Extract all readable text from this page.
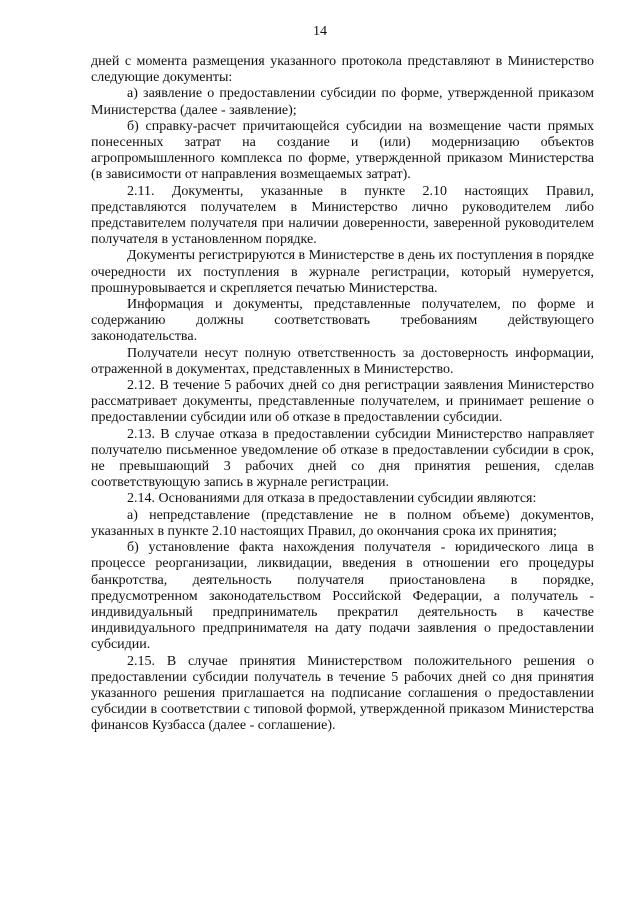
14

дней с момента размещения указанного протокола представляют в Министерство следующие документы:

а) заявление о предоставлении субсидии по форме, утвержденной приказом Министерства (далее - заявление);

б) справку-расчет причитающейся субсидии на возмещение части прямых понесенных затрат на создание и (или) модернизацию объектов агропромышленного комплекса по форме, утвержденной приказом Министерства (в зависимости от направления возмещаемых затрат).

2.11. Документы, указанные в пункте 2.10 настоящих Правил, представляются получателем в Министерство лично руководителем либо представителем получателя при наличии доверенности, заверенной руководителем получателя в установленном порядке.

Документы регистрируются в Министерстве в день их поступления в порядке очередности их поступления в журнале регистрации, который нумеруется, прошнуровывается и скрепляется печатью Министерства.

Информация и документы, представленные получателем, по форме и содержанию должны соответствовать требованиям действующего законодательства.

Получатели несут полную ответственность за достоверность информации, отраженной в документах, представленных в Министерство.

2.12. В течение 5 рабочих дней со дня регистрации заявления Министерство рассматривает документы, представленные получателем, и принимает решение о предоставлении субсидии или об отказе в предоставлении субсидии.

2.13. В случае отказа в предоставлении субсидии Министерство направляет получателю письменное уведомление об отказе в предоставлении субсидии в срок, не превышающий 3 рабочих дней со дня принятия решения, сделав соответствующую запись в журнале регистрации.

2.14. Основаниями для отказа в предоставлении субсидии являются:

а) непредставление (представление не в полном объеме) документов, указанных в пункте 2.10 настоящих Правил, до окончания срока их принятия;

б) установление факта нахождения получателя - юридического лица в процессе реорганизации, ликвидации, введения в отношении его процедуры банкротства, деятельность получателя приостановлена в порядке, предусмотренном законодательством Российской Федерации, а получатель - индивидуальный предприниматель прекратил деятельность в качестве индивидуального предпринимателя на дату подачи заявления о предоставлении субсидии.

2.15. В случае принятия Министерством положительного решения о предоставлении субсидии получатель в течение 5 рабочих дней со дня принятия указанного решения приглашается на подписание соглашения о предоставлении субсидии в соответствии с типовой формой, утвержденной приказом Министерства финансов Кузбасса (далее - соглашение).
